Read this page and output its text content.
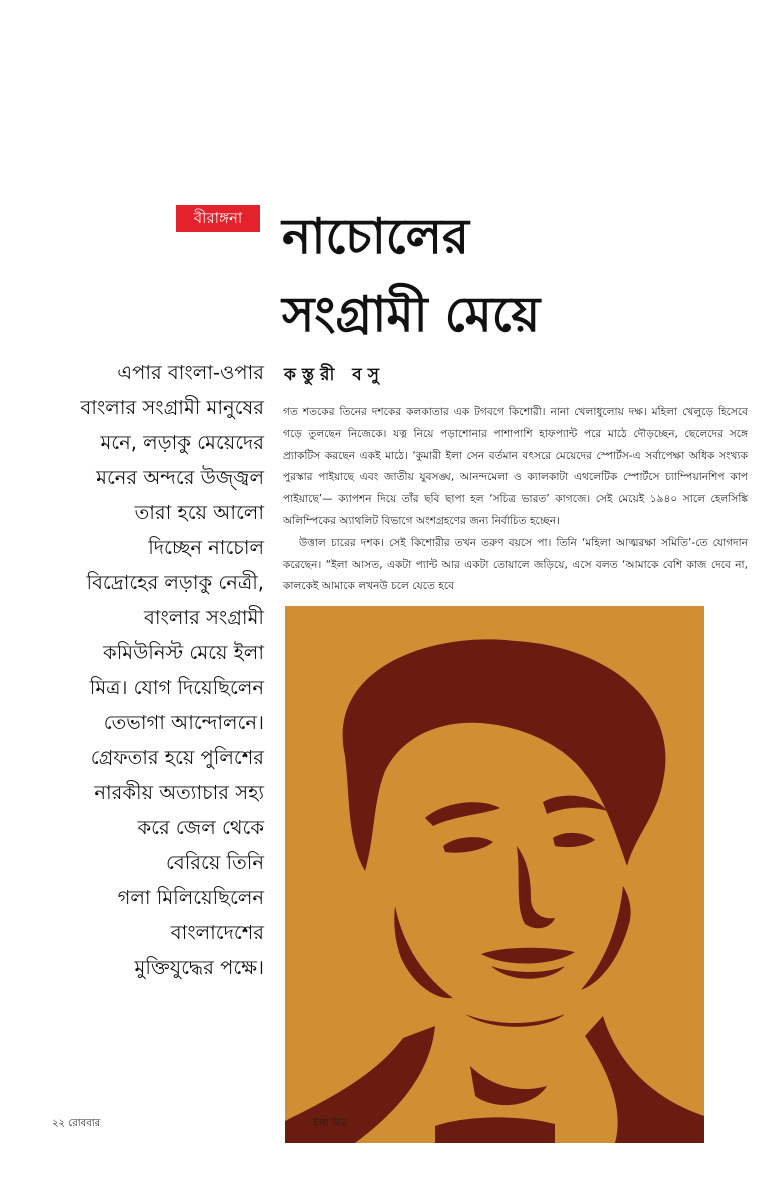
বীরাঙ্গনা নাচোলের
সংগ্রামী মেয়ে
এপার বাংলা-ওপার
বাংলার সংগ্রামী মানুষের
মনে, লড়াকু মেয়েদের
মনের অন্দরে উজ্জ্বল
তারা হয়ে আলো
দিচ্ছেন নাচোল
বিদ্রোহের লড়াকু নেত্রী,
বাংলার সংগ্রামী
কমিউনিস্ট মেয়ে ইলা
মিত্র। যোগ দিয়েছিলেন
তেভাগা আন্দোলনে।
গ্রেফতার হয়ে পুলিশের
নারকীয় অত্যাচার সহ্য
করে জেল থেকে
বেরিয়ে তিনি
গলা মিলিয়েছিলেন
বাংলাদেশের
মুক্তিযুদ্ধের পক্ষে।
কস্তুরী বসু

গত শতকের তিনের দশকের কলকাতার এক টগবগে কিশোরী। নানা খেলাধুলোয় দক্ষ। মহিলা খেলুড়ে হিসেবে গড়ে তুলছেন নিজেকে। যত্ন নিয়ে পড়াশোনার পাশাপাশি হাফপ্যান্ট পরে মাঠে দৌড়চ্ছেন, ছেলেদের সঙ্গে প্র্যাকটিস করছেন একই মাঠে। ‘কুমারী ইলা সেন বর্তমান বৎসরে মেয়েদের স্পোর্টস-এ সর্বাপেক্ষা অধিক সংখ্যক পুরস্কার পাইয়াছে এবং জাতীয় যুবসঙ্ঘ, আনন্দমেলা ও ক্যালকাটা এথলেটিক স্পোর্টসে চ্যাম্পিয়ানশিপ কাপ পাইয়াছে’— ক্যাপশন দিয়ে তাঁর ছবি ছাপা হল ‘সচিত্র ভারত’ কাগজে। সেই মেয়েই ১৯৪০ সালে হেলসিঙ্কি অলিম্পিকের অ্যাথলিট বিভাগে অংশগ্রহণের জন্য নির্বাচিত হচ্ছেন।

উত্তাল চারের দশক। সেই কিশোরীর তখন তরুণ বয়সে পা। তিনি ‘মহিলা আত্মরক্ষা সমিতি’-তে যোগদান করেছেন। “ইলা আসত, একটা প্যান্ট আর একটা তোয়ালে জড়িয়ে, এসে বলত ‘আমাকে বেশি কাজ দেবে না, কালকেই আমাকে লখনউ চলে যেতে হবে

ইলা মিত্র
২২ রোববার
